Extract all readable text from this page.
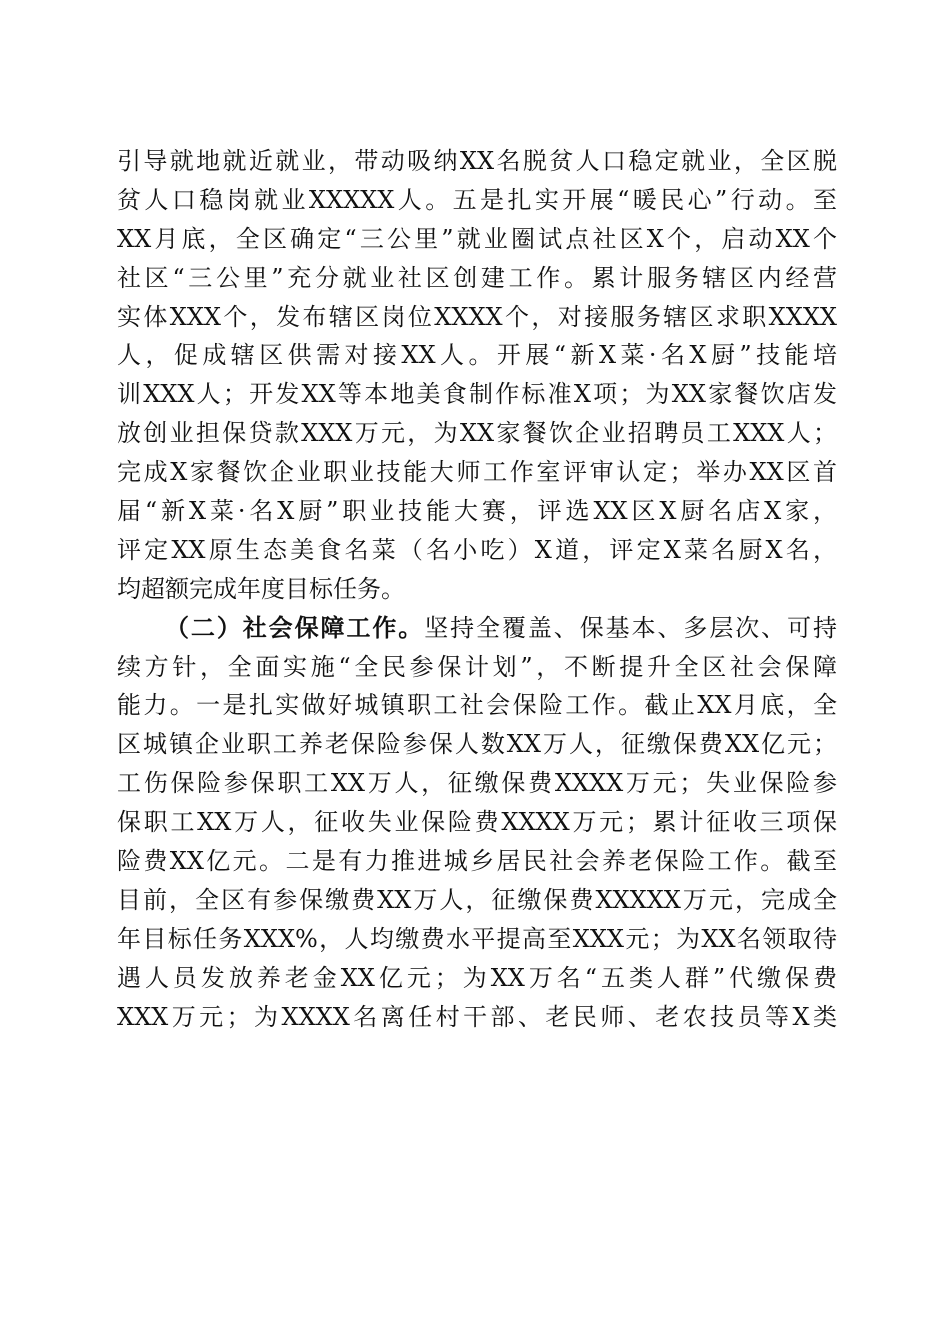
引导就地就近就业，带动吸纳XX名脱贫人口稳定就业，全区脱
贫人口稳岗就业XXXXX人。五是扎实开展“暖民心”行动。至
XX月底，全区确定“三公里”就业圈试点社区X个，启动XX个
社区“三公里”充分就业社区创建工作。累计服务辖区内经营
实体XXX个，发布辖区岗位XXXX个，对接服务辖区求职XXXX
人，促成辖区供需对接XX人。开展“新X菜·名X厨”技能培
训XXX人；开发XX等本地美食制作标准X项；为XX家餐饮店发
放创业担保贷款XXX万元，为XX家餐饮企业招聘员工XXX人；
完成X家餐饮企业职业技能大师工作室评审认定；举办XX区首
届“新X菜·名X厨”职业技能大赛，评选XX区X厨名店X家，
评定XX原生态美食名菜（名小吃）X道，评定X菜名厨X名，
均超额完成年度目标任务。
（二）社会保障工作。坚持全覆盖、保基本、多层次、可持
续方针，全面实施“全民参保计划”，不断提升全区社会保障
能力。一是扎实做好城镇职工社会保险工作。截止XX月底，全
区城镇企业职工养老保险参保人数XX万人，征缴保费XX亿元；
工伤保险参保职工XX万人，征缴保费XXXX万元；失业保险参
保职工XX万人，征收失业保险费XXXX万元；累计征收三项保
险费XX亿元。二是有力推进城乡居民社会养老保险工作。截至
目前，全区有参保缴费XX万人，征缴保费XXXXX万元，完成全
年目标任务XXX%，人均缴费水平提高至XXX元；为XX名领取待
遇人员发放养老金XX亿元；为XX万名“五类人群”代缴保费
XXX万元；为XXXX名离任村干部、老民师、老农技员等X类
